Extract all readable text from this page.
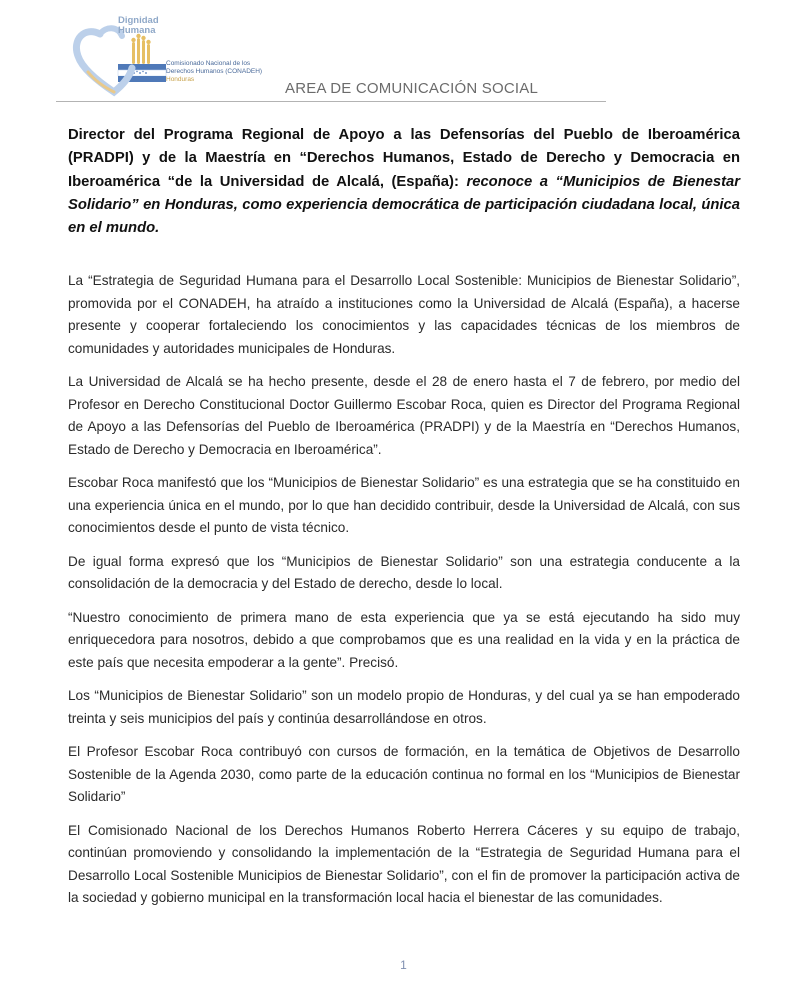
Dignidad
Humana
Comisionado Nacional de los
Derechos Humanos (CONADEH)
Honduras
AREA DE COMUNICACIÓN SOCIAL

Director del Programa Regional de Apoyo a las Defensorías del Pueblo de Iberoamérica (PRADPI) y de la Maestría en “Derechos Humanos, Estado de Derecho y Democracia en Iberoamérica “de la Universidad de Alcalá, (España): reconoce a “Municipios de Bienestar Solidario” en Honduras, como experiencia democrática de participación ciudadana local, única en el mundo.

La “Estrategia de Seguridad Humana para el Desarrollo Local Sostenible: Municipios de Bienestar Solidario”, promovida por el CONADEH, ha atraído a instituciones como la Universidad de Alcalá (España), a hacerse presente y cooperar fortaleciendo los conocimientos y las capacidades técnicas de los miembros de comunidades y autoridades municipales de Honduras.

La Universidad de Alcalá se ha hecho presente, desde el 28 de enero hasta el 7 de febrero, por medio del Profesor en Derecho Constitucional Doctor Guillermo Escobar Roca, quien es Director del Programa Regional de Apoyo a las Defensorías del Pueblo de Iberoamérica (PRADPI) y de la Maestría en “Derechos Humanos, Estado de Derecho y Democracia en Iberoamérica”.

Escobar Roca manifestó que los “Municipios de Bienestar Solidario” es una estrategia que se ha constituido en una experiencia única en el mundo, por lo que han decidido contribuir, desde la Universidad de Alcalá, con sus conocimientos desde el punto de vista técnico.

De igual forma expresó que los “Municipios de Bienestar Solidario” son una estrategia conducente a la consolidación de la democracia y del Estado de derecho, desde lo local.

“Nuestro conocimiento de primera mano de esta experiencia que ya se está ejecutando ha sido muy enriquecedora para nosotros, debido a que comprobamos que es una realidad en la vida y en la práctica de este país que necesita empoderar a la gente”. Precisó.

Los “Municipios de Bienestar Solidario” son un modelo propio de Honduras, y del cual ya se han empoderado treinta y seis municipios del país y continúa desarrollándose en otros.

El Profesor Escobar Roca contribuyó con cursos de formación, en la temática de Objetivos de Desarrollo Sostenible de la Agenda 2030, como parte de la educación continua no formal en los “Municipios de Bienestar Solidario”

El Comisionado Nacional de los Derechos Humanos Roberto Herrera Cáceres y su equipo de trabajo, continúan promoviendo y consolidando la implementación de la “Estrategia de Seguridad Humana para el Desarrollo Local Sostenible Municipios de Bienestar Solidario”, con el fin de promover la participación activa de la sociedad y gobierno municipal en la transformación local hacia el bienestar de las comunidades.

1
